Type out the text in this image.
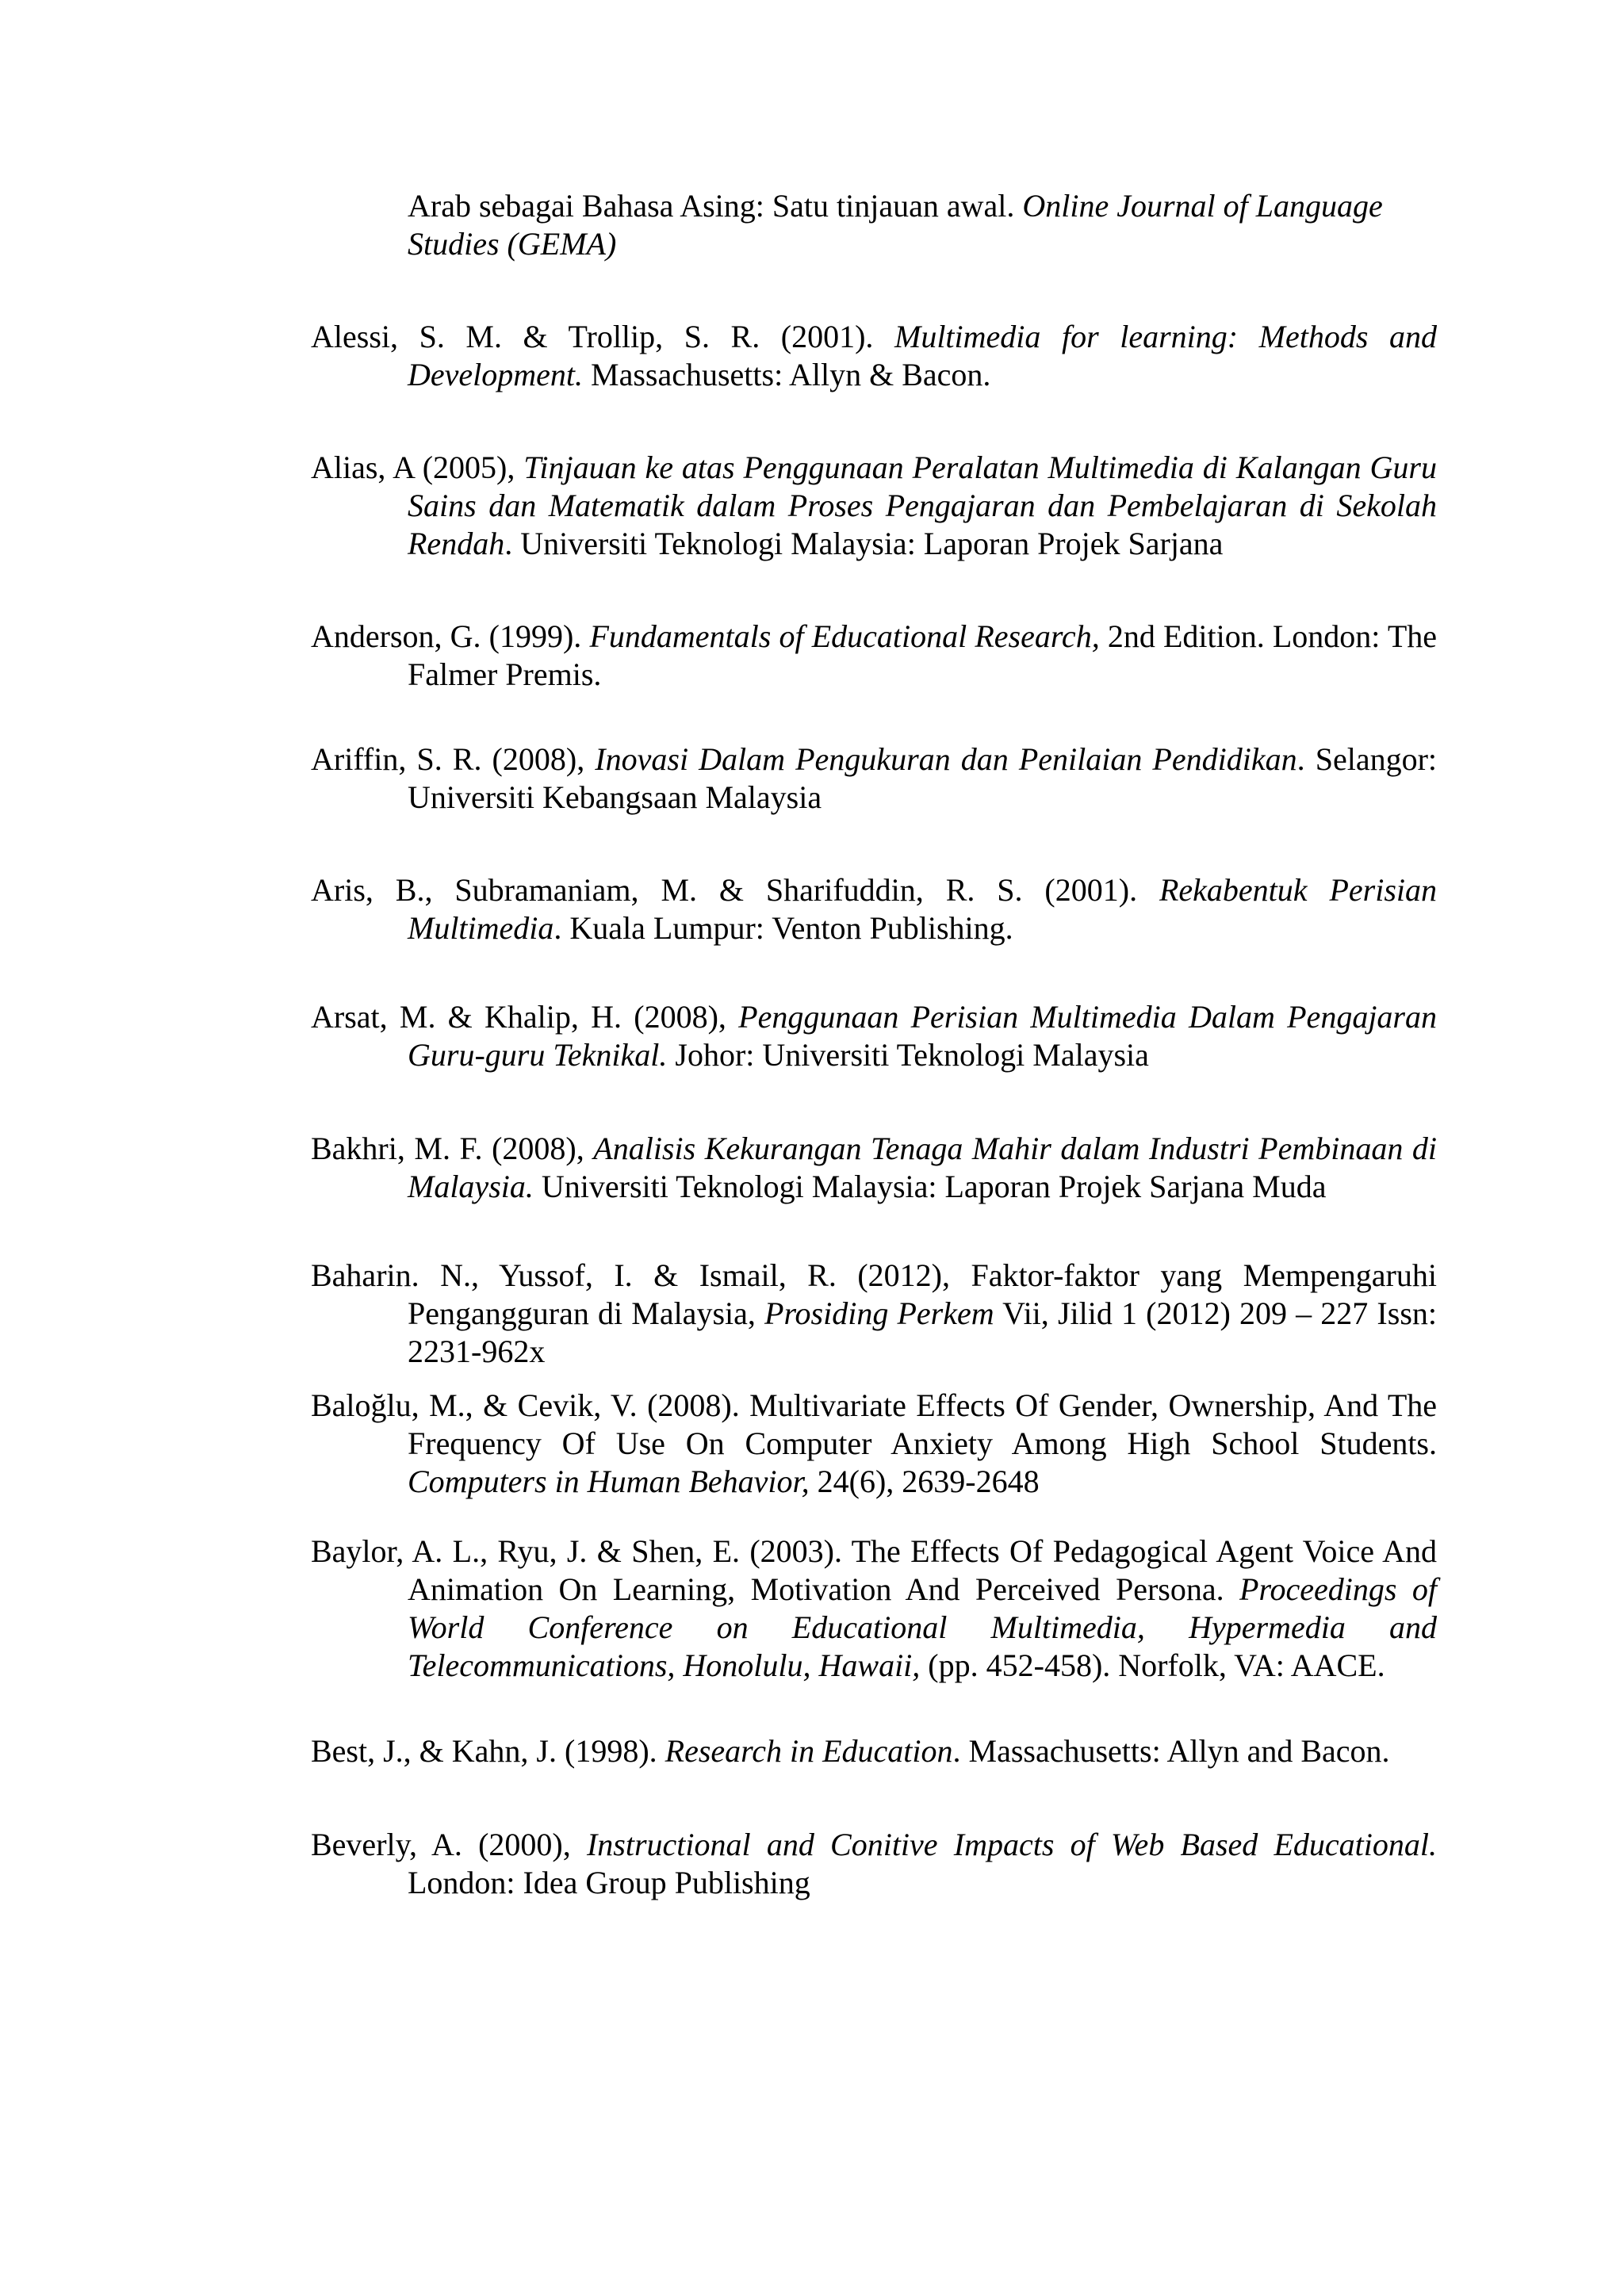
Arab sebagai Bahasa Asing: Satu tinjauan awal. Online Journal of Language Studies (GEMA)

Alessi, S. M. & Trollip, S. R. (2001). Multimedia for learning: Methods and Development. Massachusetts: Allyn & Bacon.

Alias, A (2005), Tinjauan ke atas Penggunaan Peralatan Multimedia di Kalangan Guru Sains dan Matematik dalam Proses Pengajaran dan Pembelajaran di Sekolah Rendah. Universiti Teknologi Malaysia: Laporan Projek Sarjana

Anderson, G. (1999). Fundamentals of Educational Research, 2nd Edition. London: The Falmer Premis.

Ariffin, S. R. (2008), Inovasi Dalam Pengukuran dan Penilaian Pendidikan. Selangor: Universiti Kebangsaan Malaysia

Aris, B., Subramaniam, M. & Sharifuddin, R. S. (2001). Rekabentuk Perisian Multimedia. Kuala Lumpur: Venton Publishing.

Arsat, M. & Khalip, H. (2008), Penggunaan Perisian Multimedia Dalam Pengajaran Guru-guru Teknikal. Johor: Universiti Teknologi Malaysia

Bakhri, M. F. (2008), Analisis Kekurangan Tenaga Mahir dalam Industri Pembinaan di Malaysia. Universiti Teknologi Malaysia: Laporan Projek Sarjana Muda

Baharin. N., Yussof, I. & Ismail, R. (2012), Faktor-faktor yang Mempengaruhi Pengangguran di Malaysia, Prosiding Perkem Vii, Jilid 1 (2012) 209 – 227 Issn: 2231-962x

Baloğlu, M., & Cevik, V. (2008). Multivariate Effects Of Gender, Ownership, And The Frequency Of Use On Computer Anxiety Among High School Students. Computers in Human Behavior, 24(6), 2639-2648

Baylor, A. L., Ryu, J. & Shen, E. (2003). The Effects Of Pedagogical Agent Voice And Animation On Learning, Motivation And Perceived Persona. Proceedings of World Conference on Educational Multimedia, Hypermedia and Telecommunications, Honolulu, Hawaii, (pp. 452-458). Norfolk, VA: AACE.

Best, J., & Kahn, J. (1998). Research in Education. Massachusetts: Allyn and Bacon.

Beverly, A. (2000), Instructional and Conitive Impacts of Web Based Educational. London: Idea Group Publishing
